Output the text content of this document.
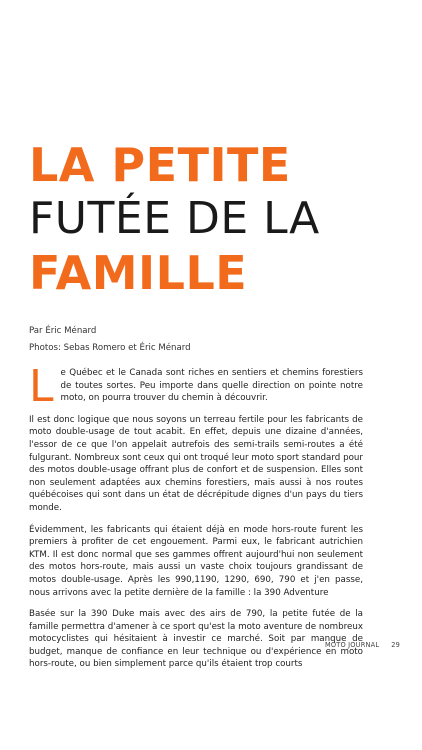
LA PETITE
FUTÉE DE LA
FAMILLE
Par Éric Ménard
Photos: Sebas Romero et Éric Ménard

Le Québec et le Canada sont riches en sentiers et chemins forestiers de toutes sortes. Peu importe dans quelle direction on pointe notre moto, on pourra trouver du chemin à découvrir.

Il est donc logique que nous soyons un terreau fertile pour les fabricants de moto double-usage de tout acabit. En effet, depuis une dizaine d'années, l'essor de ce que l'on appelait autrefois des semi-trails semi-routes a été fulgurant. Nombreux sont ceux qui ont troqué leur moto sport standard pour des motos double-usage offrant plus de confort et de suspension. Elles sont non seulement adaptées aux chemins forestiers, mais aussi à nos routes québécoises qui sont dans un état de décrépitude dignes d'un pays du tiers monde.

Évidemment, les fabricants qui étaient déjà en mode hors-route furent les premiers à profiter de cet engouement. Parmi eux, le fabricant autrichien KTM. Il est donc normal que ses gammes offrent aujourd'hui non seulement des motos hors-route, mais aussi un vaste choix toujours grandissant de motos double-usage. Après les 990,1190, 1290, 690, 790 et j'en passe, nous arrivons avec la petite dernière de la famille : la 390 Adventure

Basée sur la 390 Duke mais avec des airs de 790, la petite futée de la famille permettra d'amener à ce sport qu'est la moto aventure de nombreux motocyclistes qui hésitaient à investir ce marché. Soit par manque de budget, manque de confiance en leur technique ou d'expérience en moto hors-route, ou bien simplement parce qu'ils étaient trop courts

MOTO JOURNAL 29
